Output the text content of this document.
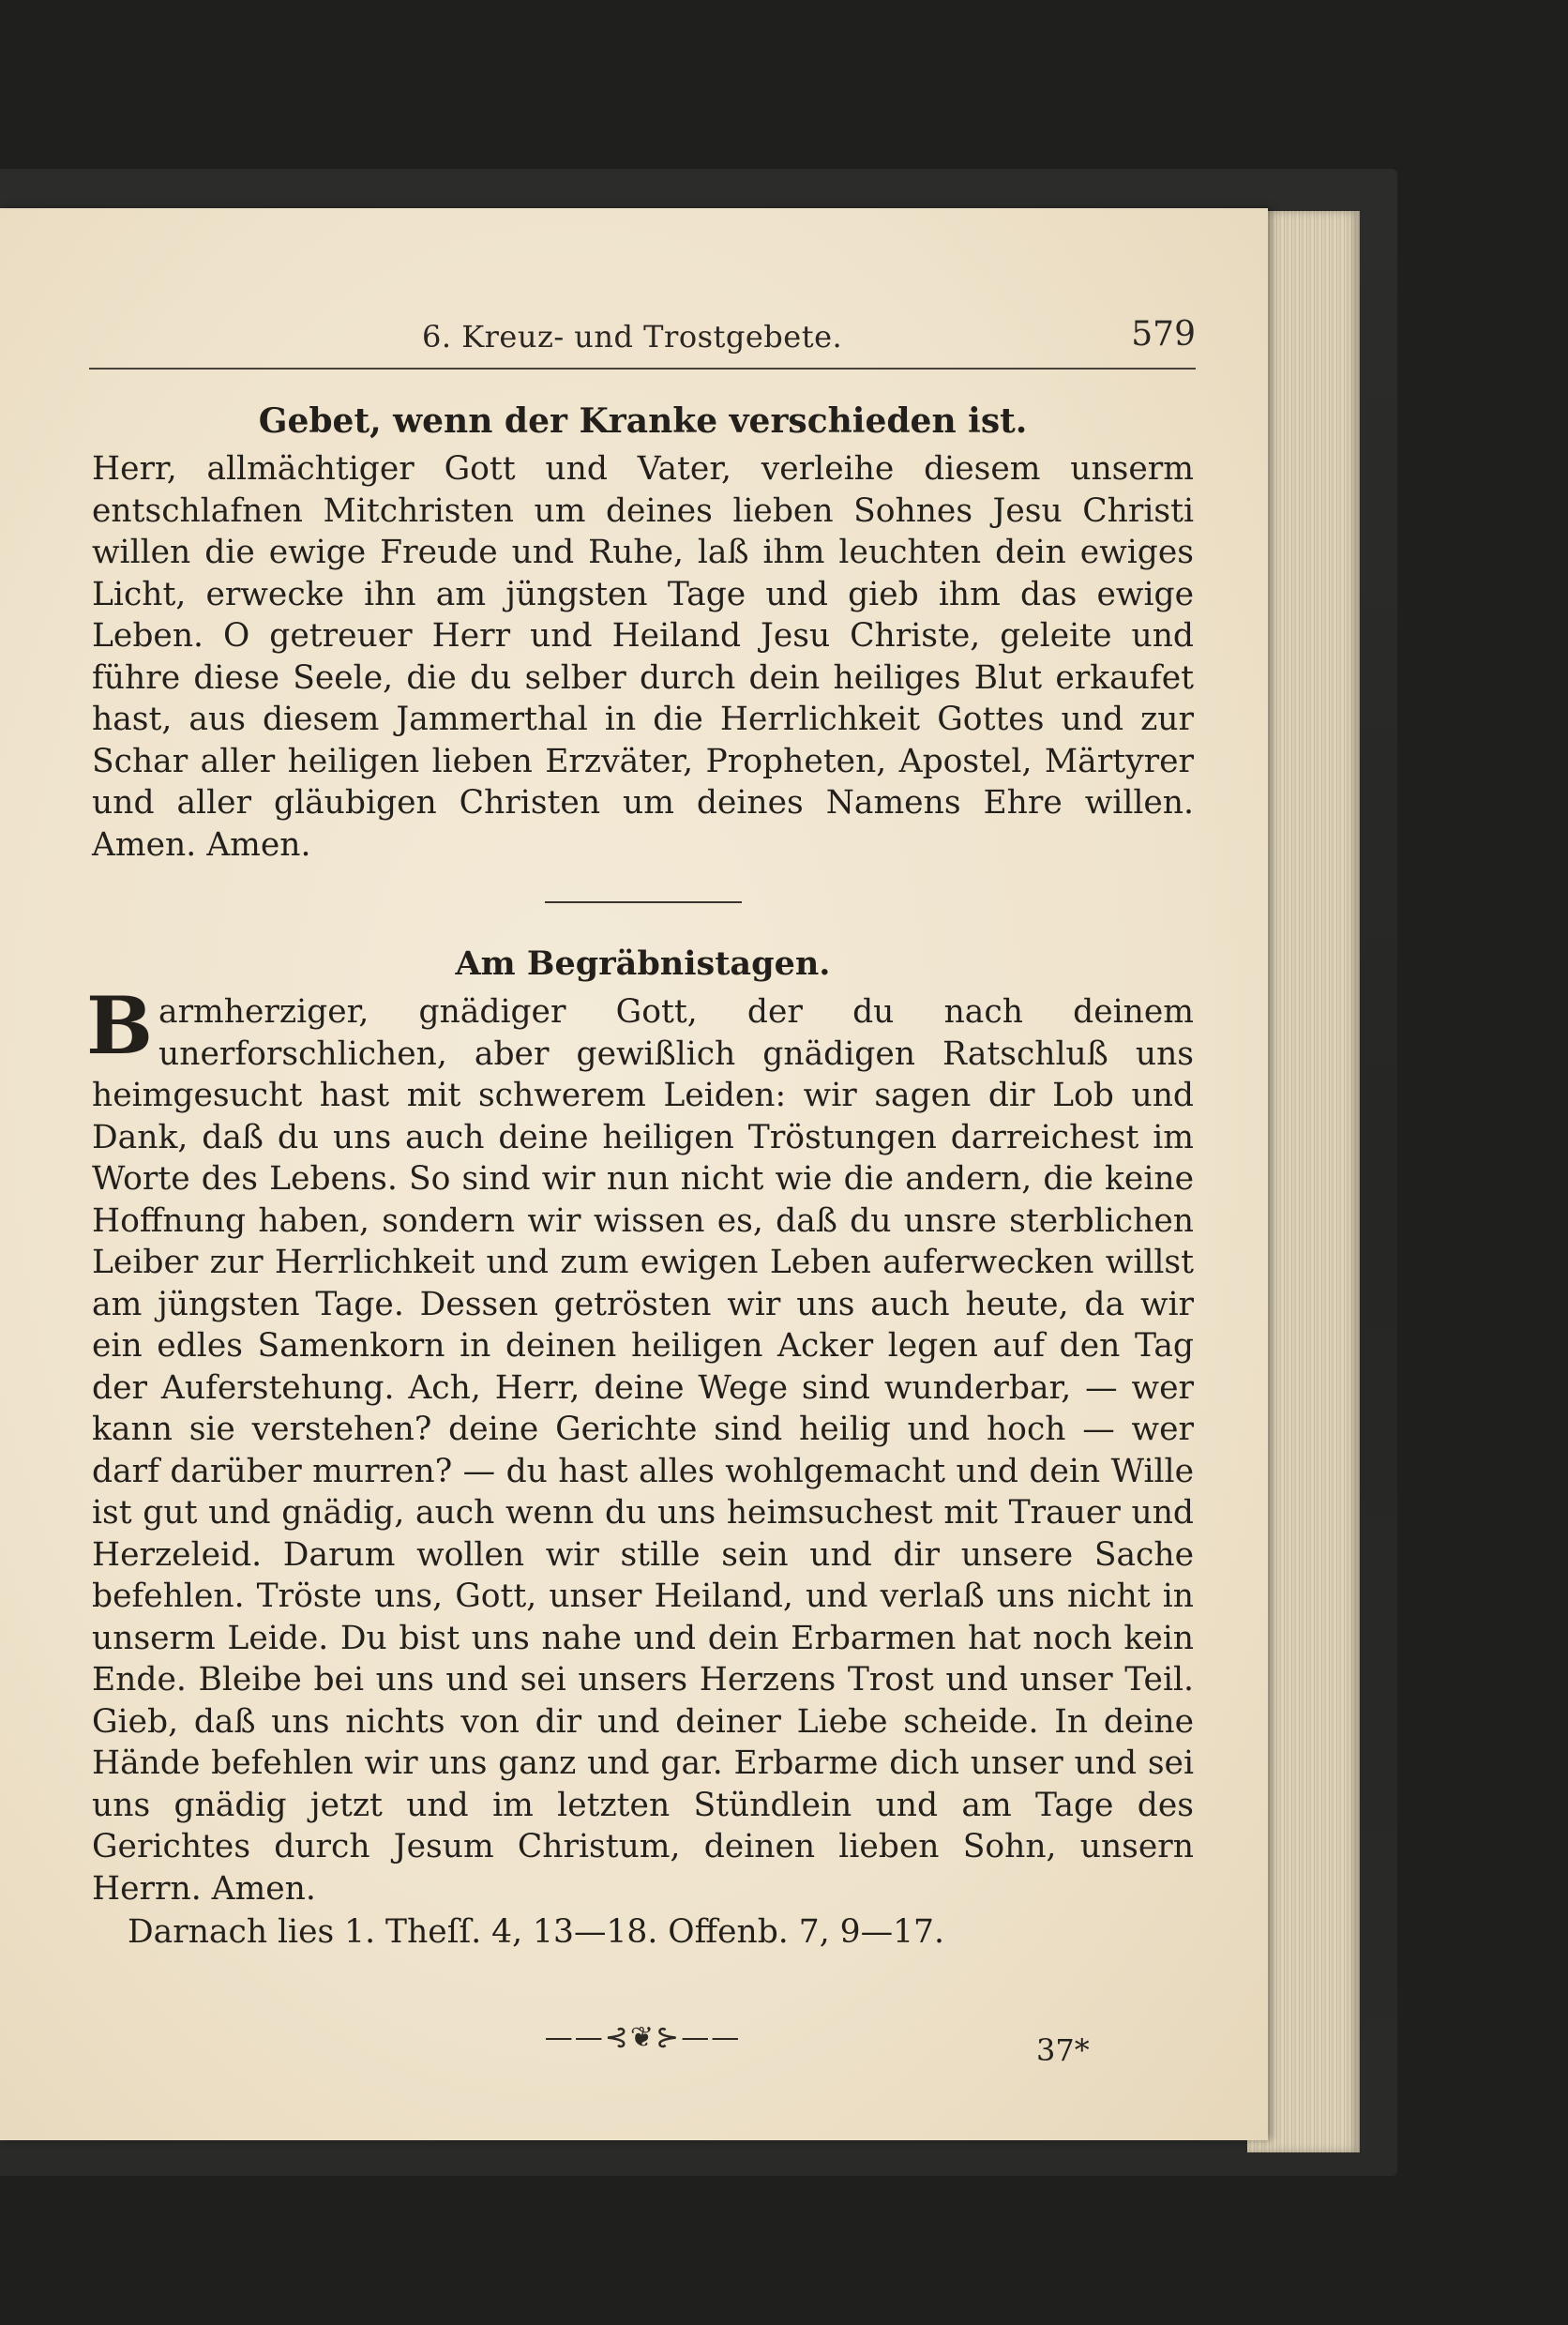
6. Kreuz- und Trostgebete.	579
Gebet, wenn der Kranke verschieden ist.
Herr, allmächtiger Gott und Vater, verleihe diesem unserm entschlafnen Mitchristen um deines lieben Sohnes Jesu Christi willen die ewige Freude und Ruhe, laß ihm leuchten dein ewiges Licht, erwecke ihn am jüngsten Tage und gieb ihm das ewige Leben. O getreuer Herr und Heiland Jesu Christe, geleite und führe diese Seele, die du selber durch dein heiliges Blut erkaufet hast, aus diesem Jammerthal in die Herrlichkeit Gottes und zur Schar aller heiligen lieben Erzväter, Propheten, Apostel, Märtyrer und aller gläubigen Christen um deines Namens Ehre willen. Amen. Amen.
Am Begräbnistagen.
Barmherziger, gnädiger Gott, der du nach deinem unerforschlichen, aber gewißlich gnädigen Ratschluß uns heimgesucht hast mit schwerem Leiden: wir sagen dir Lob und Dank, daß du uns auch deine heiligen Tröstungen darreichest im Worte des Lebens. So sind wir nun nicht wie die andern, die keine Hoffnung haben, sondern wir wissen es, daß du unsre sterblichen Leiber zur Herrlichkeit und zum ewigen Leben auferwecken willst am jüngsten Tage. Dessen getrösten wir uns auch heute, da wir ein edles Samenkorn in deinen heiligen Acker legen auf den Tag der Auferstehung. Ach, Herr, deine Wege sind wunderbar, — wer kann sie verstehen? deine Gerichte sind heilig und hoch — wer darf darüber murren? — du hast alles wohlgemacht und dein Wille ist gut und gnädig, auch wenn du uns heimsuchest mit Trauer und Herzeleid. Darum wollen wir stille sein und dir unsere Sache befehlen. Tröste uns, Gott, unser Heiland, und verlaß uns nicht in unserm Leide. Du bist uns nahe und dein Erbarmen hat noch kein Ende. Bleibe bei uns und sei unsers Herzens Trost und unser Teil. Gieb, daß uns nichts von dir und deiner Liebe scheide. In deine Hände befehlen wir uns ganz und gar. Erbarme dich unser und sei uns gnädig jetzt und im letzten Stündlein und am Tage des Gerichtes durch Jesum Christum, deinen lieben Sohn, unsern Herrn. Amen.
Darnach lies 1. Theſſ. 4, 13—18. Offenb. 7, 9—17.
——⊰❦⊱——	37*
